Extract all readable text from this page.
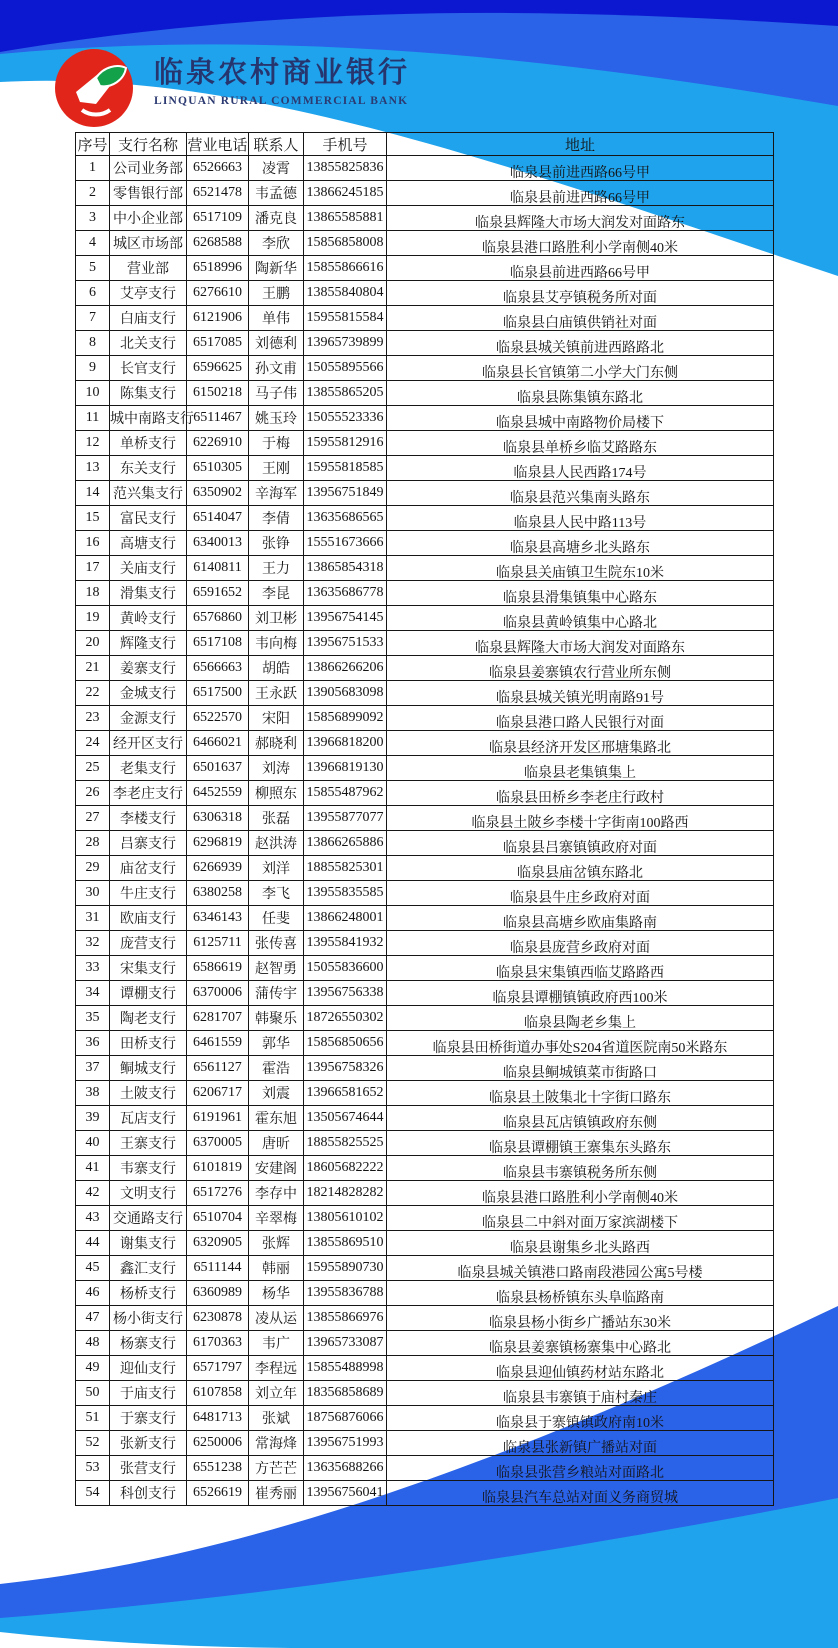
临泉农村商业银行
LINQUAN RURAL COMMERCIAL BANK
序号	支行名称	营业电话	联系人	手机号	地址
1	公司业务部	6526663	凌霄	13855825836	临泉县前进西路66号甲
2	零售银行部	6521478	韦孟德	13866245185	临泉县前进西路66号甲
3	中小企业部	6517109	潘克良	13865585881	临泉县辉隆大市场大润发对面路东
4	城区市场部	6268588	李欣	15856858008	临泉县港口路胜利小学南侧40米
5	营业部	6518996	陶新华	15855866616	临泉县前进西路66号甲
6	艾亭支行	6276610	王鹏	13855840804	临泉县艾亭镇税务所对面
7	白庙支行	6121906	单伟	15955815584	临泉县白庙镇供销社对面
8	北关支行	6517085	刘德利	13965739899	临泉县城关镇前进西路路北
9	长官支行	6596625	孙文甫	15055895566	临泉县长官镇第二小学大门东侧
10	陈集支行	6150218	马子伟	13855865205	临泉县陈集镇东路北
11	城中南路支行	6511467	姚玉玲	15055523336	临泉县城中南路物价局楼下
12	单桥支行	6226910	于梅	15955812916	临泉县单桥乡临艾路路东
13	东关支行	6510305	王刚	15955818585	临泉县人民西路174号
14	范兴集支行	6350902	辛海军	13956751849	临泉县范兴集南头路东
15	富民支行	6514047	李倩	13635686565	临泉县人民中路113号
16	高塘支行	6340013	张铮	15551673666	临泉县高塘乡北头路东
17	关庙支行	6140811	王力	13865854318	临泉县关庙镇卫生院东10米
18	滑集支行	6591652	李昆	13635686778	临泉县滑集镇集中心路东
19	黄岭支行	6576860	刘卫彬	13956754145	临泉县黄岭镇集中心路北
20	辉隆支行	6517108	韦向梅	13956751533	临泉县辉隆大市场大润发对面路东
21	姜寨支行	6566663	胡皓	13866266206	临泉县姜寨镇农行营业所东侧
22	金城支行	6517500	王永跃	13905683098	临泉县城关镇光明南路91号
23	金源支行	6522570	宋阳	15856899092	临泉县港口路人民银行对面
24	经开区支行	6466021	郝晓利	13966818200	临泉县经济开发区邢塘集路北
25	老集支行	6501637	刘涛	13966819130	临泉县老集镇集上
26	李老庄支行	6452559	柳照东	15855487962	临泉县田桥乡李老庄行政村
27	李楼支行	6306318	张磊	13955877077	临泉县土陂乡李楼十字街南100路西
28	吕寨支行	6296819	赵洪涛	13866265886	临泉县吕寨镇镇政府对面
29	庙岔支行	6266939	刘洋	18855825301	临泉县庙岔镇东路北
30	牛庄支行	6380258	李飞	13955835585	临泉县牛庄乡政府对面
31	欧庙支行	6346143	任斐	13866248001	临泉县高塘乡欧庙集路南
32	庞营支行	6125711	张传喜	13955841932	临泉县庞营乡政府对面
33	宋集支行	6586619	赵智勇	15055836600	临泉县宋集镇西临艾路路西
34	谭棚支行	6370006	蒲传宇	13956756338	临泉县谭棚镇镇政府西100米
35	陶老支行	6281707	韩聚乐	18726550302	临泉县陶老乡集上
36	田桥支行	6461559	郭华	15856850656	临泉县田桥街道办事处S204省道医院南50米路东
37	鲖城支行	6561127	霍浩	13956758326	临泉县鲖城镇菜市街路口
38	土陂支行	6206717	刘震	13966581652	临泉县土陂集北十字街口路东
39	瓦店支行	6191961	霍东旭	13505674644	临泉县瓦店镇镇政府东侧
40	王寨支行	6370005	唐昕	18855825525	临泉县谭棚镇王寨集东头路东
41	韦寨支行	6101819	安建阁	18605682222	临泉县韦寨镇税务所东侧
42	文明支行	6517276	李存中	18214828282	临泉县港口路胜利小学南侧40米
43	交通路支行	6510704	辛翠梅	13805610102	临泉县二中斜对面万家滨湖楼下
44	谢集支行	6320905	张辉	13855869510	临泉县谢集乡北头路西
45	鑫汇支行	6511144	韩丽	15955890730	临泉县城关镇港口路南段港园公寓5号楼
46	杨桥支行	6360989	杨华	13955836788	临泉县杨桥镇东头阜临路南
47	杨小街支行	6230878	凌从运	13855866976	临泉县杨小街乡广播站东30米
48	杨寨支行	6170363	韦广	13965733087	临泉县姜寨镇杨寨集中心路北
49	迎仙支行	6571797	李程远	15855488998	临泉县迎仙镇药材站东路北
50	于庙支行	6107858	刘立年	18356858689	临泉县韦寨镇于庙村秦庄
51	于寨支行	6481713	张斌	18756876066	临泉县于寨镇镇政府南10米
52	张新支行	6250006	常海烽	13956751993	临泉县张新镇广播站对面
53	张营支行	6551238	方芒芒	13635688266	临泉县张营乡粮站对面路北
54	科创支行	6526619	崔秀丽	13956756041	临泉县汽车总站对面义务商贸城
